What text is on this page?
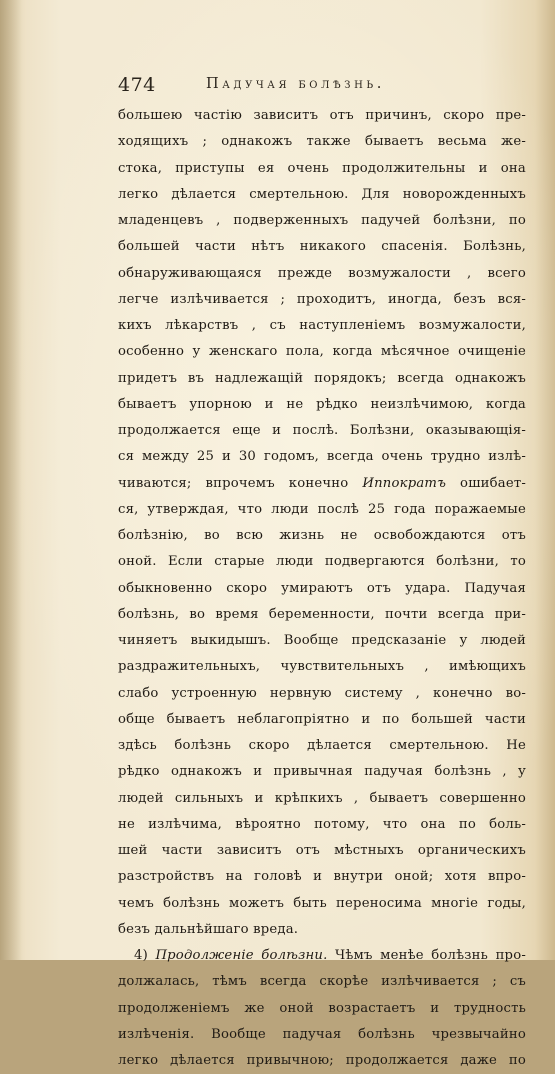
474	Падучая болѣзнь.
большею частію зависитъ отъ причинъ, скоро пре-
ходящихъ ; однакожъ также бываетъ весьма же-
стока, приступы ея очень продолжительны и она
легко дѣлается смертельною. Для новорожденныхъ
младенцевъ , подверженныхъ падучей болѣзни, по
большей части нѣтъ никакого спасенія. Болѣзнь,
обнаруживающаяся прежде возмужалости , всего
легче излѣчивается ; проходитъ, иногда, безъ вся-
кихъ лѣкарствъ , съ наступленіемъ возмужалости,
особенно у женскаго пола, когда мѣсячное очищеніе
придетъ въ надлежащій порядокъ; всегда однакожъ
бываетъ упорною и не рѣдко неизлѣчимою, когда
продолжается еще и послѣ. Болѣзни, оказывающія-
ся между 25 и 30 годомъ, всегда очень трудно излѣ-
чиваются; впрочемъ конечно Иппократъ ошибает-
ся, утверждая, что люди послѣ 25 года поражаемые
болѣзнію, во всю жизнь не освобождаются отъ
оной. Если старые люди подвергаются болѣзни, то
обыкновенно скоро умираютъ отъ удара. Падучая
болѣзнь, во время беременности, почти всегда при-
чиняетъ выкидышъ. Вообще предсказаніе у людей
раздражительныхъ, чувствительныхъ , имѣющихъ
слабо устроенную нервную систему , конечно во-
обще бываетъ неблагопріятно и по большей части
здѣсь болѣзнь скоро дѣлается смертельною. Не
рѣдко однакожъ и привычная падучая болѣзнь , у
людей сильныхъ и крѣпкихъ , бываетъ совершенно
не излѣчима, вѣроятно потому, что она по боль-
шей части зависитъ отъ мѣстныхъ органическихъ
разстройствъ на головѣ и внутри оной; хотя впро-
чемъ болѣзнь можетъ быть переносима многіе годы,
безъ дальнѣйшаго вреда.
4) Продолженіе болѣзни. Чѣмъ менѣе болѣзнь про-
должалась, тѣмъ всегда скорѣе излѣчивается ; съ
продолженіемъ же оной возрастаетъ и трудность
излѣченія. Вообще падучая болѣзнь чрезвычайно
легко дѣлается привычною; продолжается даже по
